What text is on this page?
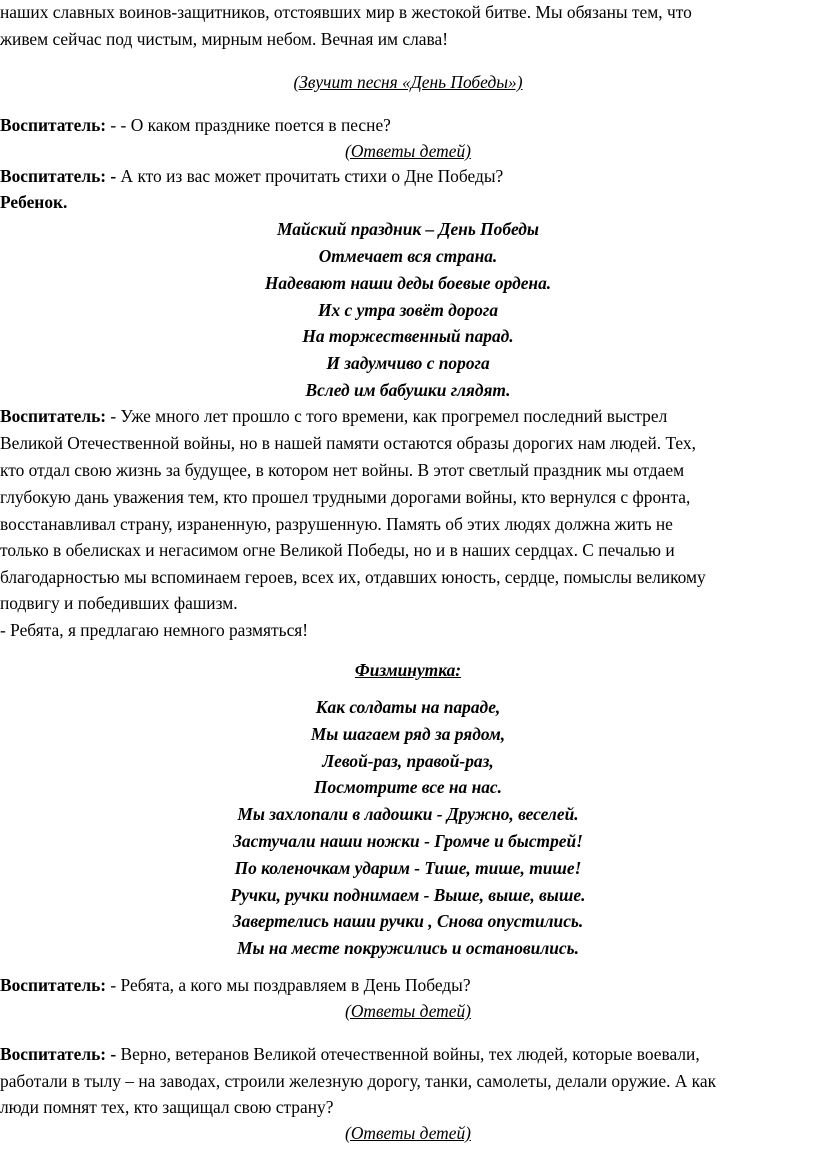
наших славных воинов-защитников, отстоявших мир в жестокой битве. Мы обязаны тем, что
живем сейчас под чистым, мирным небом. Вечная им слава!
(Звучит песня «День Победы»)
Воспитатель: - - О каком празднике поется в песне?
(Ответы детей)
Воспитатель: - А кто из вас может прочитать стихи о Дне Победы?
Ребенок.
Майский праздник – День Победы
Отмечает вся страна.
Надевают наши деды боевые ордена.
Их с утра зовёт дорога
На торжественный парад.
И задумчиво с порога
Вслед им бабушки глядят.
Воспитатель: - Уже много лет прошло с того времени, как прогремел последний выстрел
Великой Отечественной войны, но в нашей памяти остаются образы дорогих нам людей. Тех,
кто отдал свою жизнь за будущее, в котором нет войны. В этот светлый праздник мы отдаем
глубокую дань уважения тем, кто прошел трудными дорогами войны, кто вернулся с фронта,
восстанавливал страну, израненную, разрушенную. Память об этих людях должна жить не
только в обелисках и негасимом огне Великой Победы, но и в наших сердцах. С печалью и
благодарностью мы вспоминаем героев, всех их, отдавших юность, сердце, помыслы великому
подвигу и победивших фашизм.
- Ребята, я предлагаю немного размяться!
Физминутка:
Как солдаты на параде,
Мы шагаем ряд за рядом,
Левой-раз, правой-раз,
Посмотрите все на нас.
Мы захлопали в ладошки - Дружно, веселей.
Застучали наши ножки - Громче и быстрей!
По коленочкам ударим - Тише, тише, тише!
Ручки, ручки поднимаем - Выше, выше, выше.
Завертелись наши ручки , Снова опустились.
Мы на месте покружились и остановились.
Воспитатель: - Ребята, а кого мы поздравляем в День Победы?
(Ответы детей)
Воспитатель: - Верно, ветеранов Великой отечественной войны, тех людей, которые воевали,
работали в тылу – на заводах, строили железную дорогу, танки, самолеты, делали оружие. А как
люди помнят тех, кто защищал свою страну?
(Ответы детей)
